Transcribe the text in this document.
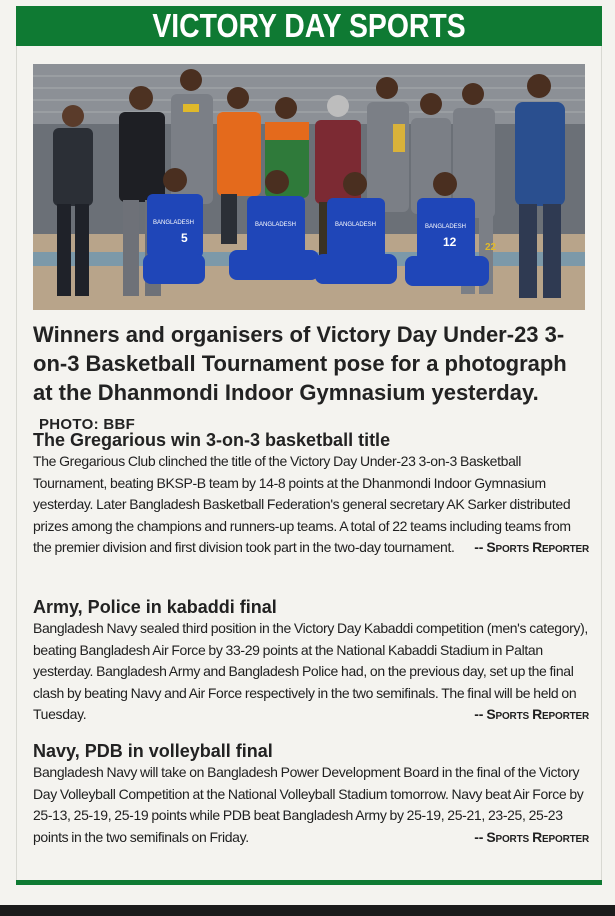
VICTORY DAY SPORTS
BANGLADESH
5
BANGLADESH	BANGLADESH	BANGLADESH
12	22
Winners and organisers of Victory Day Under-23 3-on-3 Basketball Tournament pose for a photograph at the Dhanmondi Indoor Gymnasium yesterday. PHOTO: BBF
The Gregarious win 3-on-3 basketball title

The Gregarious Club clinched the title of the Victory Day Under-23 3-on-3 Basketball Tournament, beating BKSP-B team by 14-8 points at the Dhanmondi Indoor Gymnasium yesterday. Later Bangladesh Basketball Federation's general secretary AK Sarker distributed prizes among the champions and runners-up teams. A total of 22 teams including teams from the premier division and first division took part in the two-day tournament. -- Sports Reporter

Army, Police in kabaddi final

Bangladesh Navy sealed third position in the Victory Day Kabaddi competition (men's category), beating Bangladesh Air Force by 33-29 points at the National Kabaddi Stadium in Paltan yesterday. Bangladesh Army and Bangladesh Police had, on the previous day, set up the final clash by beating Navy and Air Force respectively in the two semifinals. The final will be held on Tuesday.	-- Sports Reporter

Navy, PDB in volleyball final

Bangladesh Navy will take on Bangladesh Power Development Board in the final of the Victory Day Volleyball Competition at the National Volleyball Stadium tomorrow. Navy beat Air Force by 25-13, 25-19, 25-19 points while PDB beat Bangladesh Army by 25-19, 25-21, 23-25, 25-23 points in the two semifinals on Friday.	-- Sports Reporter
